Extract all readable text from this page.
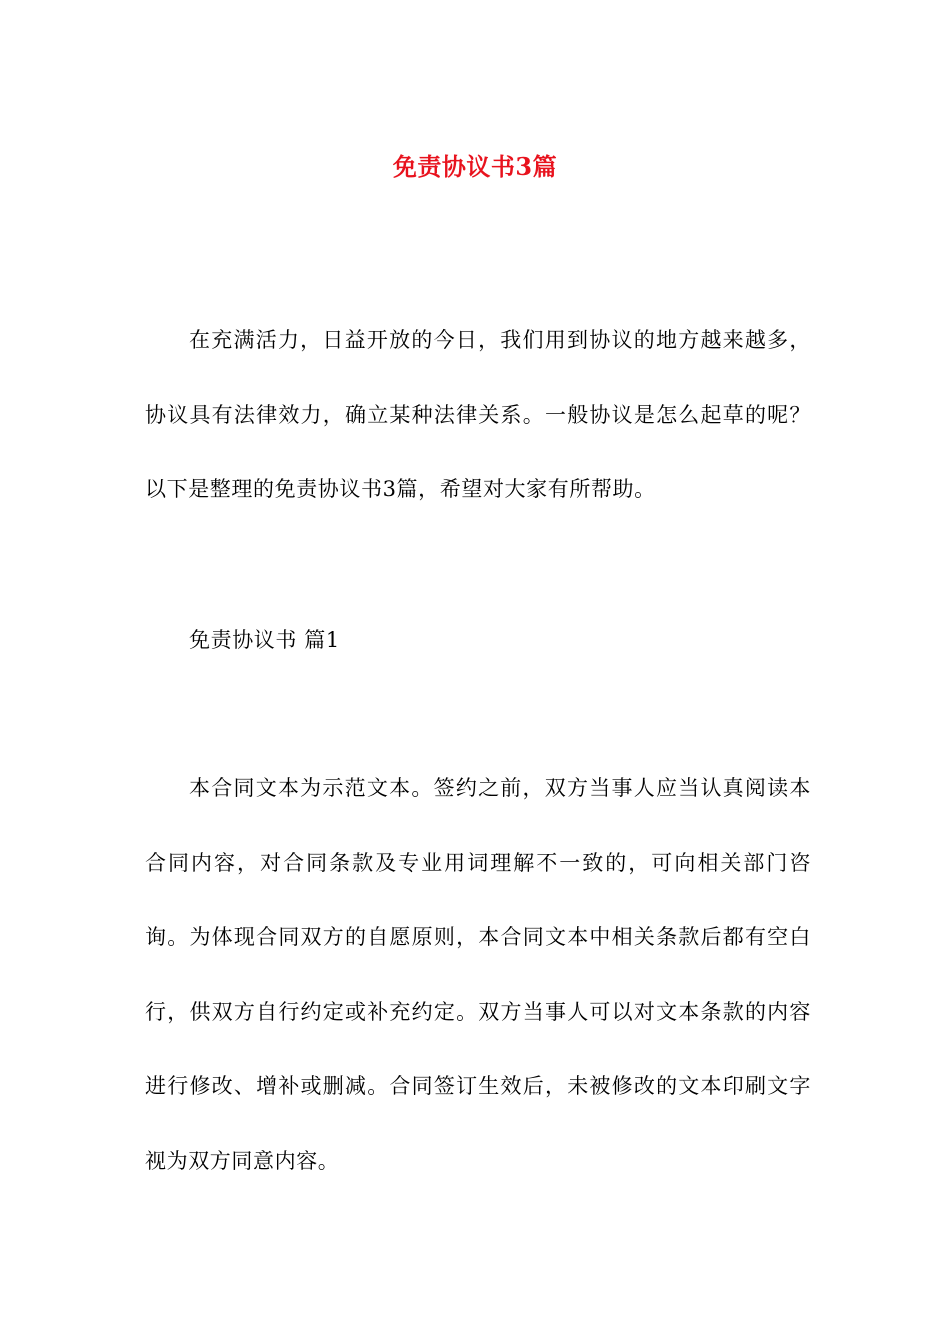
免责协议书3篇

在充满活力，日益开放的今日，我们用到协议的地方越来越多，协议具有法律效力，确立某种法律关系。一般协议是怎么起草的呢？以下是整理的免责协议书3篇，希望对大家有所帮助。

免责协议书 篇1

本合同文本为示范文本。签约之前，双方当事人应当认真阅读本合同内容，对合同条款及专业用词理解不一致的，可向相关部门咨询。为体现合同双方的自愿原则，本合同文本中相关条款后都有空白行，供双方自行约定或补充约定。双方当事人可以对文本条款的内容进行修改、增补或删减。合同签订生效后，未被修改的文本印刷文字视为双方同意内容。
